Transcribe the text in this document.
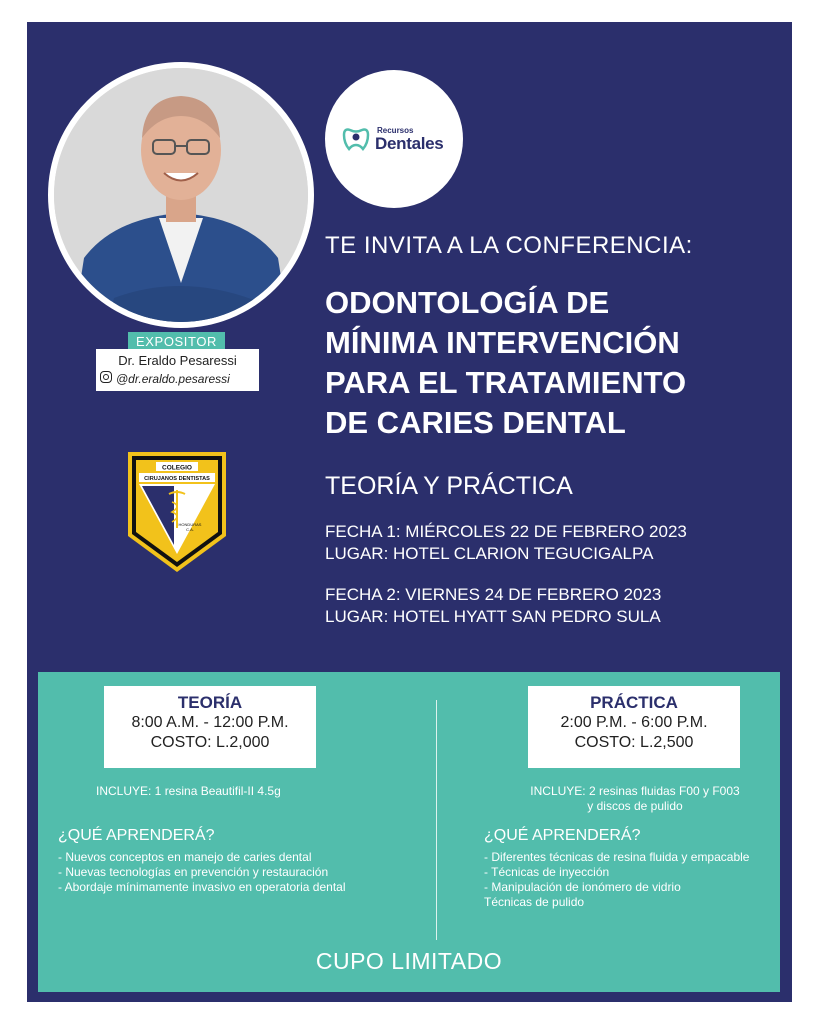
Recursos
Dentales
TE INVITA A LA CONFERENCIA:
ODONTOLOGÍA DE
MÍNIMA INTERVENCIÓN
PARA EL TRATAMIENTO
DE CARIES DENTAL
TEORÍA Y PRÁCTICA
FECHA 1: MIÉRCOLES 22 DE FEBRERO 2023
LUGAR: HOTEL CLARION TEGUCIGALPA
FECHA 2: VIERNES 24 DE FEBRERO 2023
LUGAR: HOTEL HYATT SAN PEDRO SULA
EXPOSITOR
Dr. Eraldo Pesaressi
@dr.eraldo.pesaressi
COLEGIO
CIRUJANOS DENTISTAS
HONDURAS
C.A.
TEORÍA
8:00 A.M. - 12:00 P.M.
COSTO: L.2,000
PRÁCTICA
2:00 P.M. - 6:00 P.M.
COSTO: L.2,500
INCLUYE: 1 resina Beautifil-II 4.5g	INCLUYE: 2 resinas fluidas F00 y F003
y discos de pulido
¿QUÉ APRENDERÁ?
- Nuevos conceptos en manejo de caries dental
- Nuevas tecnologías en prevención y restauración
- Abordaje mínimamente invasivo en operatoria dental
¿QUÉ APRENDERÁ?
- Diferentes técnicas de resina fluida y empacable
- Técnicas de inyección
- Manipulación de ionómero de vidrio
Técnicas de pulido
CUPO LIMITADO
